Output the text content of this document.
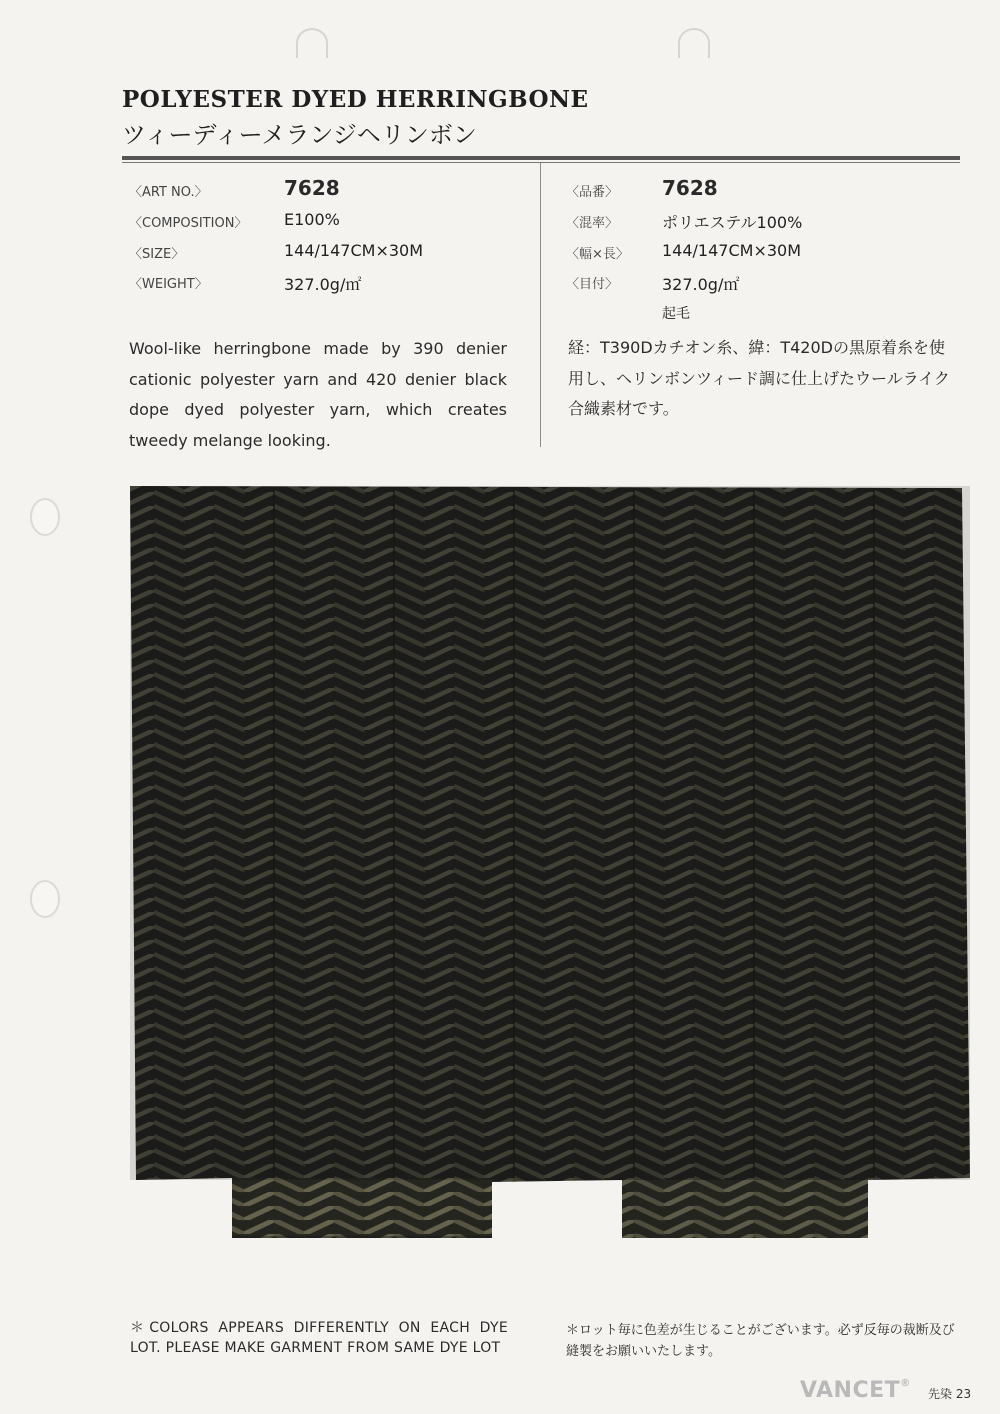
POLYESTER DYED HERRINGBONE
ツィーディーメランジヘリンボン
〈ART NO.〉	7628
〈COMPOSITION〉 E100%
〈SIZE〉	144/147CM×30M
〈WEIGHT〉	327.0g/㎡
〈品番〉 7628
〈混率〉	ポリエステル100%
〈幅×長〉 144/147CM×30M
〈目付〉	327.0g/㎡
起毛
Wool-like herringbone made by 390 denier cationic polyester yarn and 420 denier black dope dyed polyester yarn, which creates tweedy melange looking.
経：T390Dカチオン糸、緯：T420Dの黒原着糸を使用し、ヘリンボンツィード調に仕上げたウールライク合織素材です。
＊COLORS APPEARS DIFFERENTLY ON EACH DYE LOT. PLEASE MAKE GARMENT FROM SAME DYE LOT
＊ロット毎に色差が生じることがございます。必ず反毎の裁断及び縫製をお願いいたします。
VANCET®
先染 23
